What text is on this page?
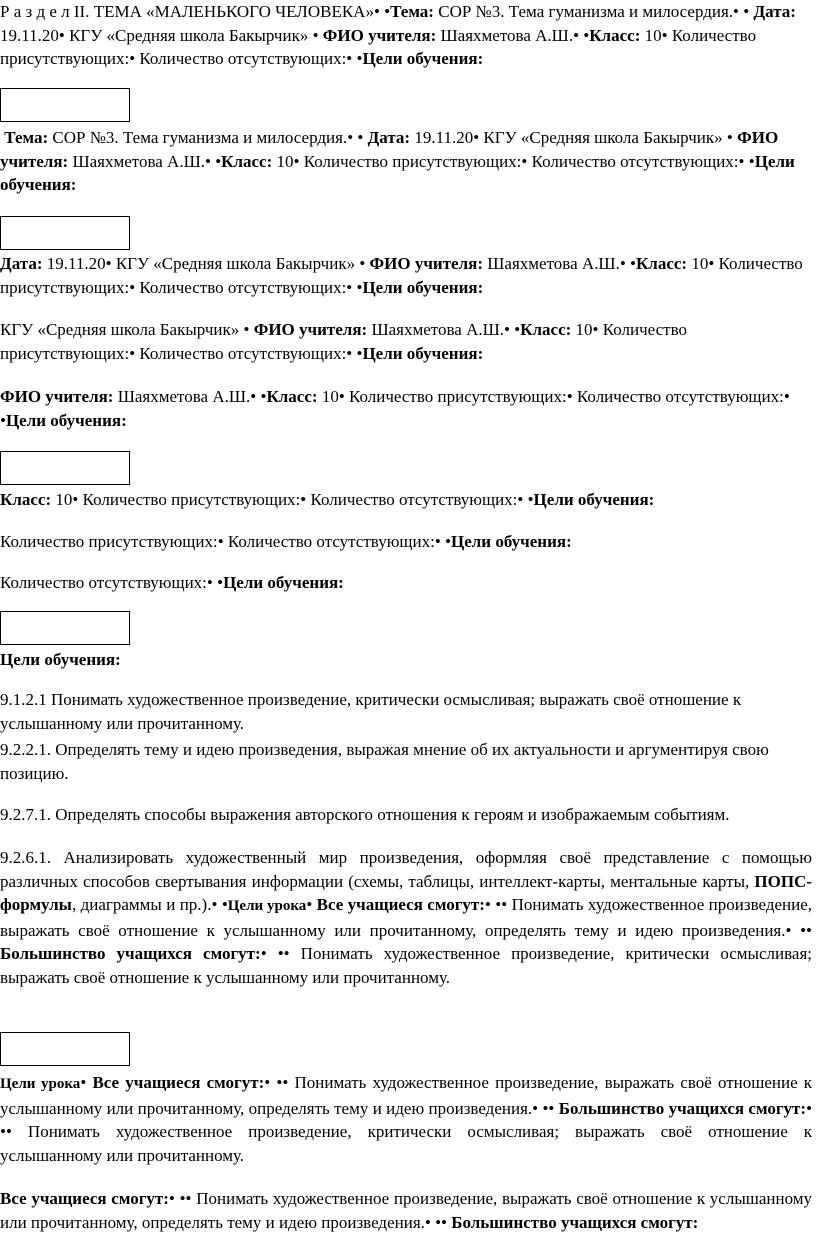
Р а з д е л II. ТЕМА «МАЛЕНЬКОГО ЧЕЛОВЕКА»• •Тема: СОР №3. Тема гуманизма и милосердия.• • Дата: 19.11.20• КГУ «Средняя школа Бакырчик» • ФИО учителя: Шаяхметова А.Ш.• •Класс: 10• Количество присутствующих:• Количество отсутствующих:• •Цели обучения:
Тема: СОР №3. Тема гуманизма и милосердия.• • Дата: 19.11.20• КГУ «Средняя школа Бакырчик» • ФИО учителя: Шаяхметова А.Ш.• •Класс: 10• Количество присутствующих:• Количество отсутствующих:• •Цели обучения:
Дата: 19.11.20• КГУ «Средняя школа Бакырчик» • ФИО учителя: Шаяхметова А.Ш.• •Класс: 10• Количество присутствующих:• Количество отсутствующих:• •Цели обучения:
КГУ «Средняя школа Бакырчик» • ФИО учителя: Шаяхметова А.Ш.• •Класс: 10• Количество присутствующих:• Количество отсутствующих:• •Цели обучения:
ФИО учителя: Шаяхметова А.Ш.• •Класс: 10• Количество присутствующих:• Количество отсутствующих:• •Цели обучения:
Класс: 10• Количество присутствующих:• Количество отсутствующих:• •Цели обучения:
Количество присутствующих:• Количество отсутствующих:• •Цели обучения:
Количество отсутствующих:• •Цели обучения:
Цели обучения:
9.1.2.1 Понимать художественное произведение, критически осмысливая; выражать своё отношение к услышанному или прочитанному.
9.2.2.1. Определять тему и идею произведения, выражая мнение об их актуальности и аргументируя свою позицию.
9.2.7.1. Определять способы выражения авторского отношения к героям и изображаемым событиям.
9.2.6.1. Анализировать художественный мир произведения, оформляя своё представление с помощью различных способов свертывания информации (схемы, таблицы, интеллект-карты, ментальные карты, ПОПС-формулы, диаграммы и пр.).• •Цели урока• Все учащиеся смогут:• •• Понимать художественное произведение, выражать своё отношение к услышанному или прочитанному, определять тему и идею произведения.• •• Большинство учащихся смогут:• •• Понимать художественное произведение, критически осмысливая; выражать своё отношение к услышанному или прочитанному.
Цели урока• Все учащиеся смогут:• •• Понимать художественное произведение, выражать своё отношение к услышанному или прочитанному, определять тему и идею произведения.• •• Большинство учащихся смогут:• •• Понимать художественное произведение, критически осмысливая; выражать своё отношение к услышанному или прочитанному.
Все учащиеся смогут:• •• Понимать художественное произведение, выражать своё отношение к услышанному или прочитанному, определять тему и идею произведения.• •• Большинство учащихся смогут:
